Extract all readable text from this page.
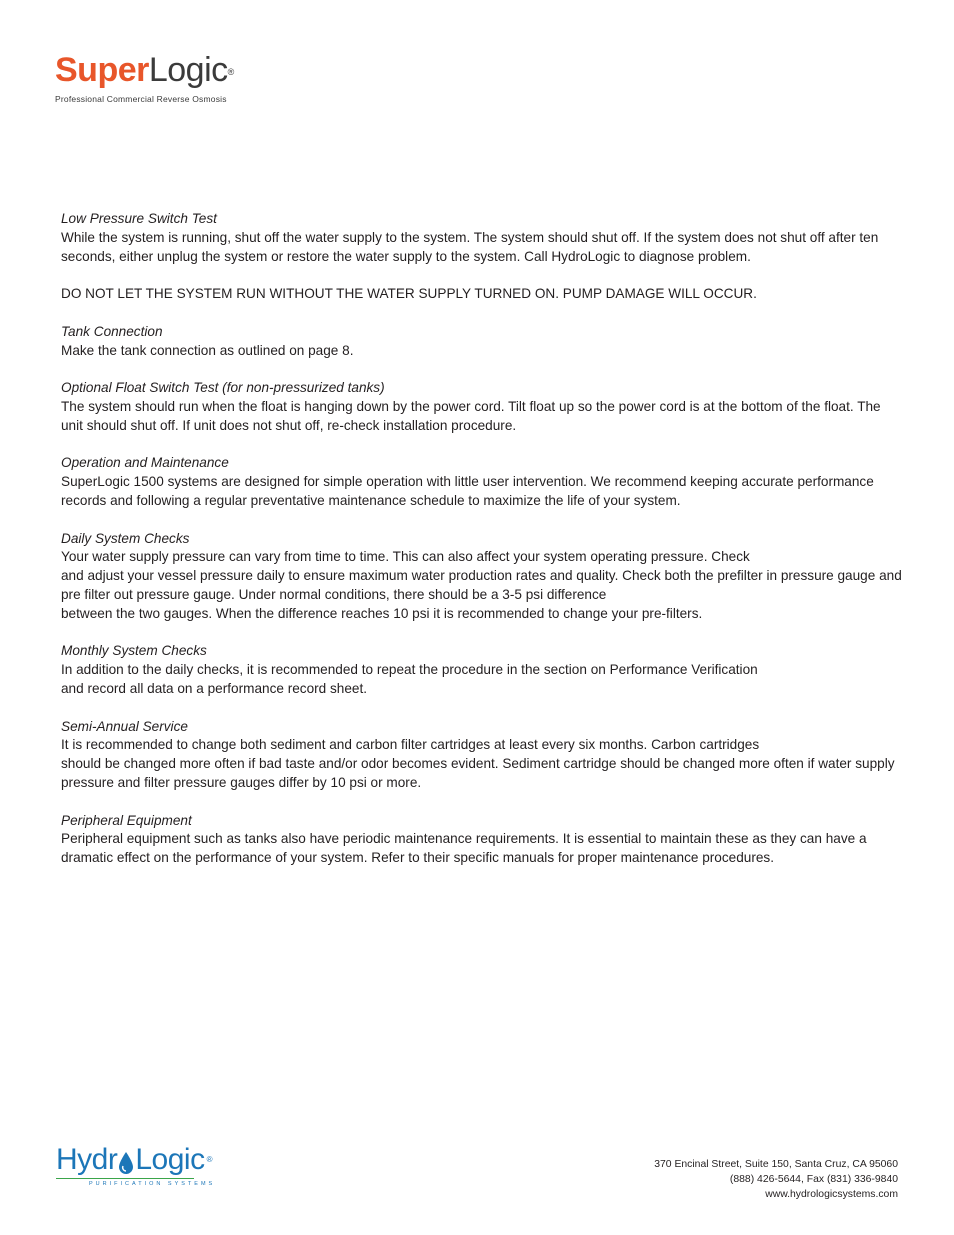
SuperLogic®
Professional Commercial Reverse Osmosis
Low Pressure Switch Test

While the system is running, shut off the water supply to the system. The system should shut off. If the system does not shut off after ten seconds, either unplug the system or restore the water supply to the system. Call HydroLogic to diagnose problem.

DO NOT LET THE SYSTEM RUN WITHOUT THE WATER SUPPLY TURNED ON. PUMP DAMAGE WILL OCCUR.

Tank Connection

Make the tank connection as outlined on page 8.

Optional Float Switch Test (for non-pressurized tanks)

The system should run when the float is hanging down by the power cord. Tilt float up so the power cord is at the bottom of the float. The unit should shut off. If unit does not shut off, re-check installation procedure.

Operation and Maintenance

SuperLogic 1500 systems are designed for simple operation with little user intervention. We recommend keeping accurate performance records and following a regular preventative maintenance schedule to maximize the life of your system.

Daily System Checks

Your water supply pressure can vary from time to time. This can also affect your system operating pressure. Check

and adjust your vessel pressure daily to ensure maximum water production rates and quality. Check both the prefilter in pressure gauge and pre filter out pressure gauge. Under normal conditions, there should be a 3-5 psi difference

between the two gauges. When the difference reaches 10 psi it is recommended to change your pre-filters.

Monthly System Checks

In addition to the daily checks, it is recommended to repeat the procedure in the section on Performance Verification

and record all data on a performance record sheet.

Semi-Annual Service

It is recommended to change both sediment and carbon filter cartridges at least every six months. Carbon cartridges

should be changed more often if bad taste and/or odor becomes evident. Sediment cartridge should be changed more often if water supply pressure and filter pressure gauges differ by 10 psi or more.

Peripheral Equipment

Peripheral equipment such as tanks also have periodic maintenance requirements. It is essential to maintain these as they can have a dramatic effect on the performance of your system. Refer to their specific manuals for proper maintenance procedures.

Hydr Logic ®
PURIFICATION SYSTEMS
370 Encinal Street, Suite 150, Santa Cruz, CA 95060
(888) 426-5644, Fax (831) 336-9840
www.hydrologicsystems.com
